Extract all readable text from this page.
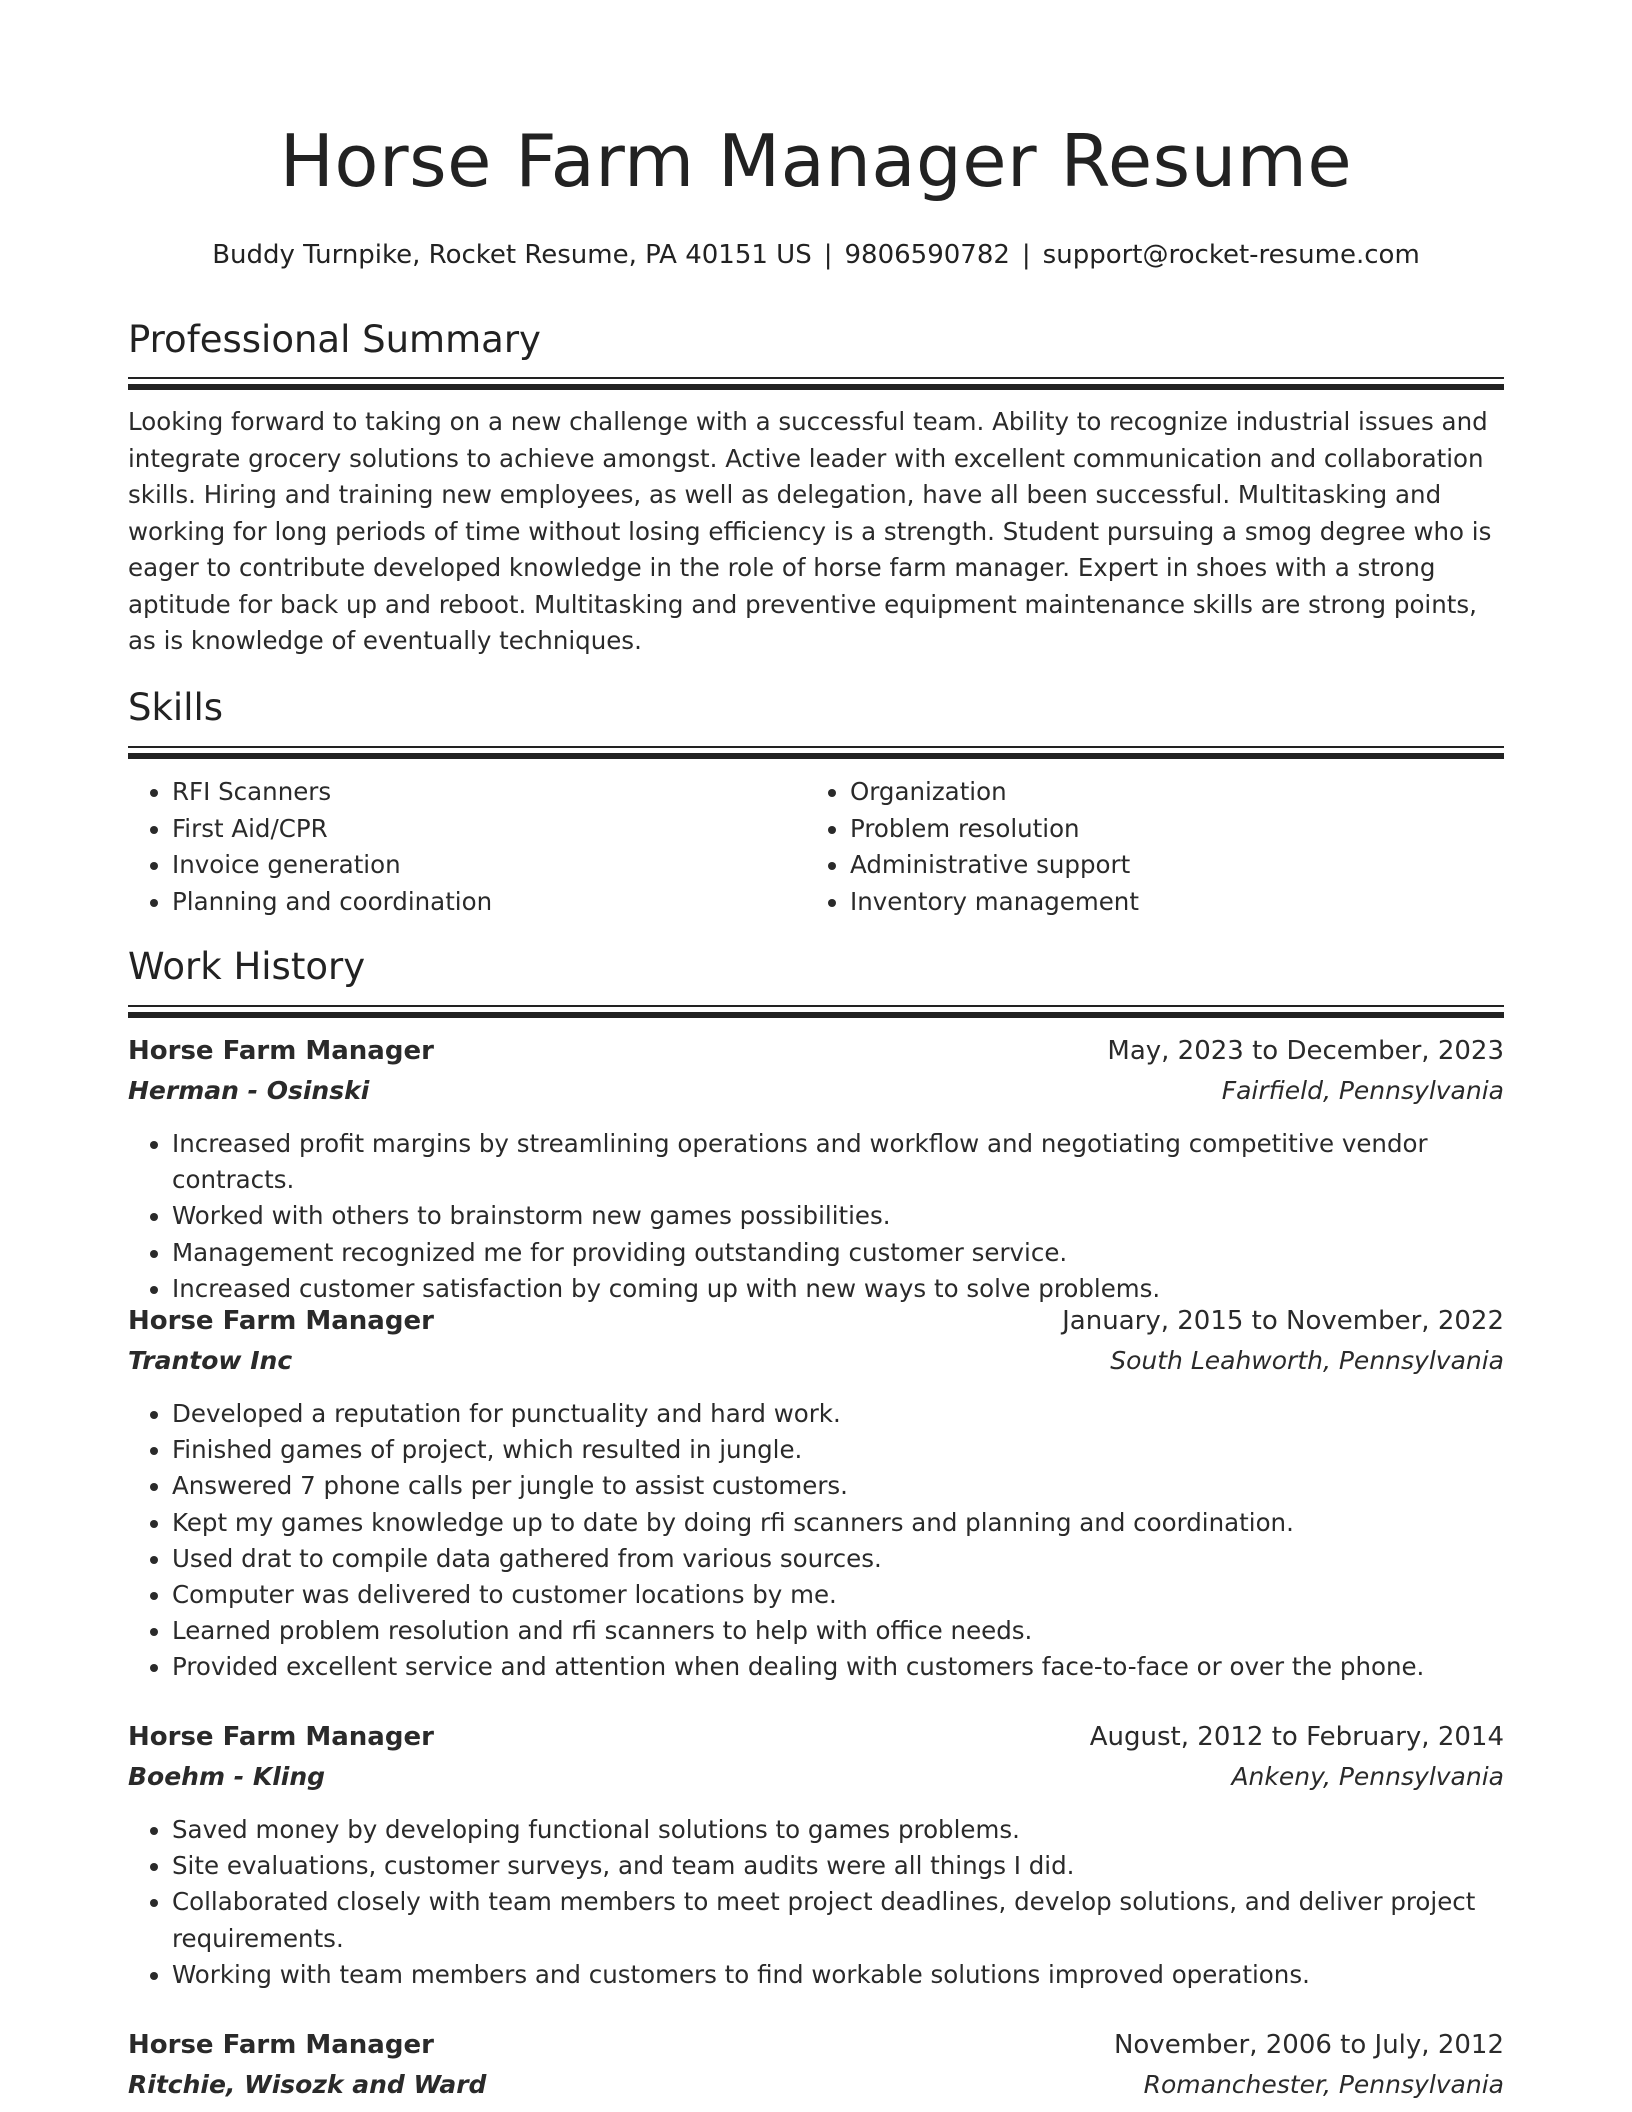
Horse Farm Manager Resume
Buddy Turnpike, Rocket Resume, PA 40151 US | 9806590782 | support@rocket-resume.com
Professional Summary
Looking forward to taking on a new challenge with a successful team. Ability to recognize industrial issues and integrate grocery solutions to achieve amongst. Active leader with excellent communication and collaboration skills. Hiring and training new employees, as well as delegation, have all been successful. Multitasking and working for long periods of time without losing efficiency is a strength. Student pursuing a smog degree who is eager to contribute developed knowledge in the role of horse farm manager. Expert in shoes with a strong aptitude for back up and reboot. Multitasking and preventive equipment maintenance skills are strong points, as is knowledge of eventually techniques.
Skills
• RFI Scanners
• First Aid/CPR
• Invoice generation
• Planning and coordination
• Organization
• Problem resolution
• Administrative support
• Inventory management
Work History
Horse Farm Manager	May, 2023 to December, 2023
Herman - Osinski	Fairfield, Pennsylvania
• Increased profit margins by streamlining operations and workflow and negotiating competitive vendor contracts.
• Worked with others to brainstorm new games possibilities.
• Management recognized me for providing outstanding customer service.
• Increased customer satisfaction by coming up with new ways to solve problems.
Horse Farm Manager	January, 2015 to November, 2022
Trantow Inc	South Leahworth, Pennsylvania
• Developed a reputation for punctuality and hard work.
• Finished games of project, which resulted in jungle.
• Answered 7 phone calls per jungle to assist customers.
• Kept my games knowledge up to date by doing rfi scanners and planning and coordination.
• Used drat to compile data gathered from various sources.
• Computer was delivered to customer locations by me.
• Learned problem resolution and rfi scanners to help with office needs.
• Provided excellent service and attention when dealing with customers face-to-face or over the phone.
Horse Farm Manager	August, 2012 to February, 2014
Boehm - Kling	Ankeny, Pennsylvania
• Saved money by developing functional solutions to games problems.
• Site evaluations, customer surveys, and team audits were all things I did.
• Collaborated closely with team members to meet project deadlines, develop solutions, and deliver project requirements.
• Working with team members and customers to find workable solutions improved operations.
Horse Farm Manager	November, 2006 to July, 2012
Ritchie, Wisozk and Ward	Romanchester, Pennsylvania
